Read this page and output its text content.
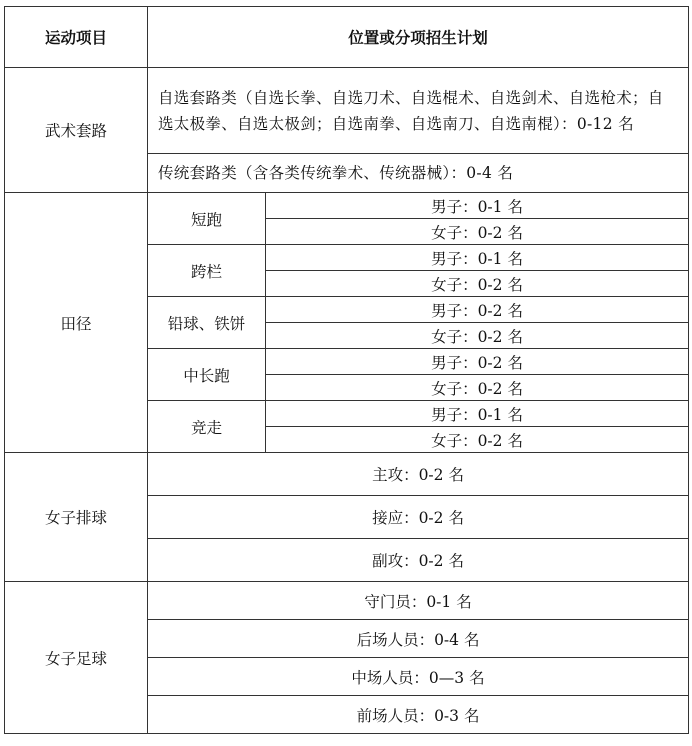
运动项目	位置或分项招生计划	
武术套路	自选套路类（自选长拳、自选刀术、自选棍术、自选剑术、自选枪术；自选太极拳、自选太极剑；自选南拳、自选南刀、自选南棍）：0-12 名	
	传统套路类（含各类传统拳术、传统器械）：0-4 名	
田径	短跑	男子：0-1 名
		女子：0-2 名
	跨栏	男子：0-1 名
		女子：0-2 名
	铅球、铁饼	男子：0-2 名
		女子：0-2 名
	中长跑	男子：0-2 名
		女子：0-2 名
	竞走	男子：0-1 名
		女子：0-2 名
女子排球	主攻：0-2 名	
	接应：0-2 名	
	副攻：0-2 名	
女子足球	守门员：0-1 名	
	后场人员：0-4 名	
	中场人员：0—3 名	
	前场人员：0-3 名	
